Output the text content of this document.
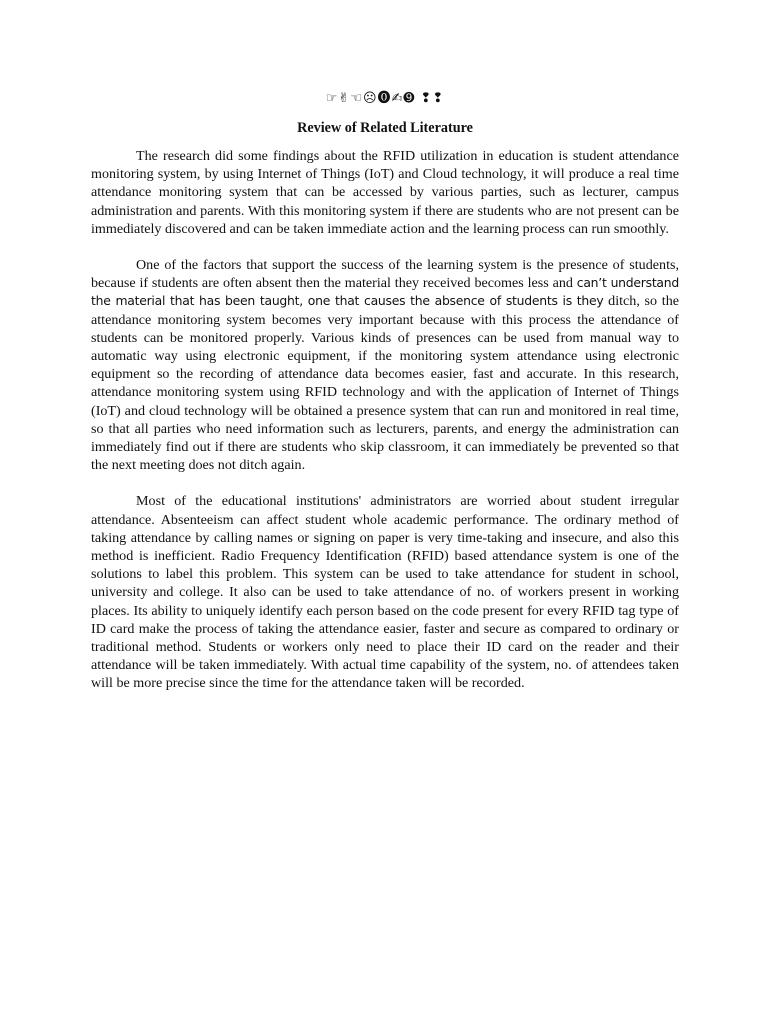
☞✌☜☹⓿✍➒ ❢❢
Review of Related Literature

The research did some findings about the RFID utilization in education is student attendance monitoring system, by using Internet of Things (IoT) and Cloud technology, it will produce a real time attendance monitoring system that can be accessed by various parties, such as lecturer, campus administration and parents. With this monitoring system if there are students who are not present can be immediately discovered and can be taken immediate action and the learning process can run smoothly.

One of the factors that support the success of the learning system is the presence of students, because if students are often absent then the material they received becomes less and can’t understand the material that has been taught, one that causes the absence of students is they ditch, so the attendance monitoring system becomes very important because with this process the attendance of students can be monitored properly. Various kinds of presences can be used from manual way to automatic way using electronic equipment, if the monitoring system attendance using electronic equipment so the recording of attendance data becomes easier, fast and accurate. In this research, attendance monitoring system using RFID technology and with the application of Internet of Things (IoT) and cloud technology will be obtained a presence system that can run and monitored in real time, so that all parties who need information such as lecturers, parents, and energy the administration can immediately find out if there are students who skip classroom, it can immediately be prevented so that the next meeting does not ditch again.

Most of the educational institutions' administrators are worried about student irregular attendance. Absenteeism can affect student whole academic performance. The ordinary method of taking attendance by calling names or signing on paper is very time-taking and insecure, and also this method is inefficient. Radio Frequency Identification (RFID) based attendance system is one of the solutions to label this problem. This system can be used to take attendance for student in school, university and college. It also can be used to take attendance of no. of workers present in working places. Its ability to uniquely identify each person based on the code present for every RFID tag type of ID card make the process of taking the attendance easier, faster and secure as compared to ordinary or traditional method. Students or workers only need to place their ID card on the reader and their attendance will be taken immediately. With actual time capability of the system, no. of attendees taken will be more precise since the time for the attendance taken will be recorded.
